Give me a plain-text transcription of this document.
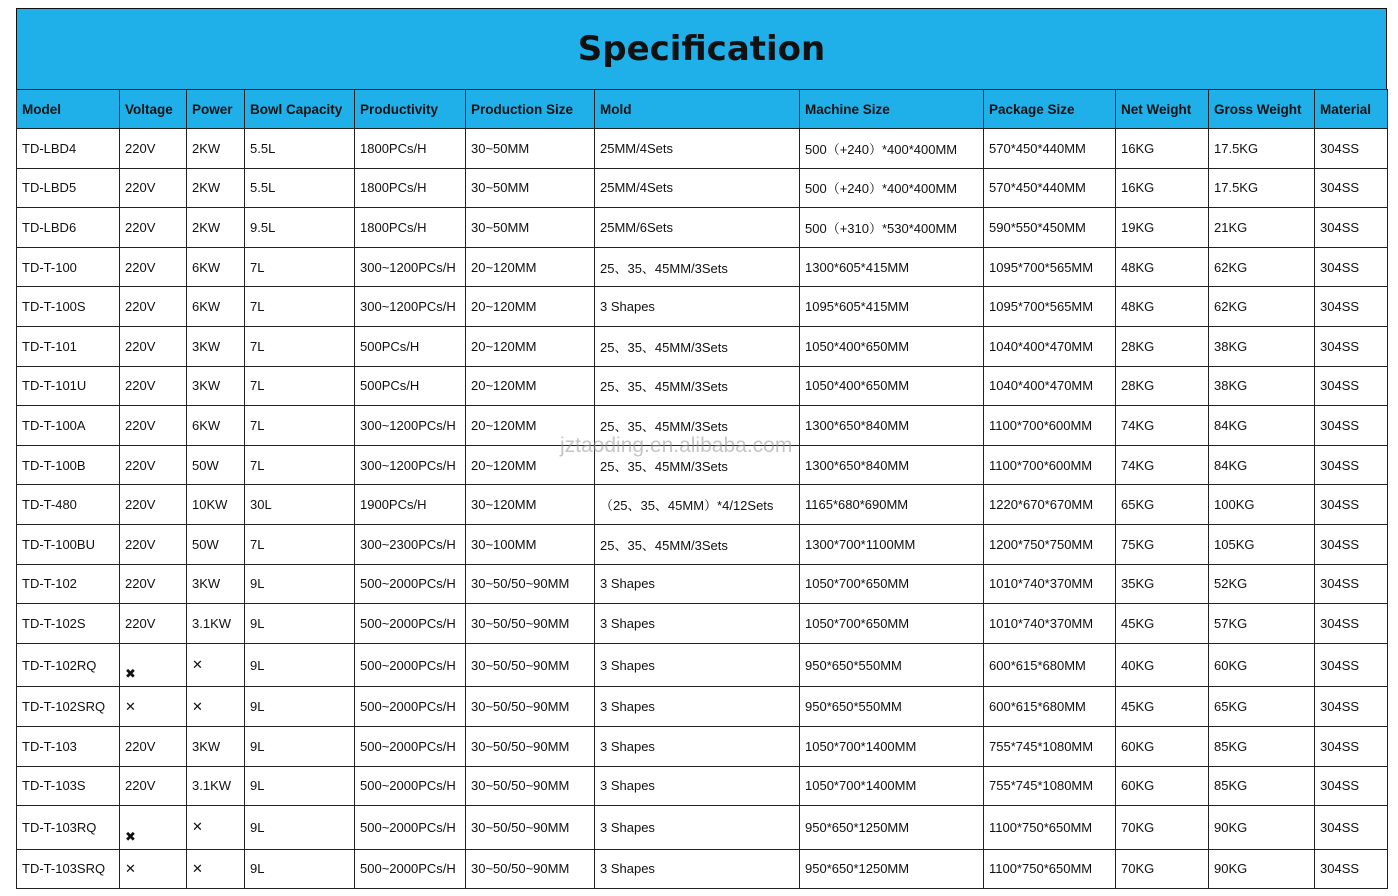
Specification
Model	Voltage	Power	Bowl Capacity	Productivity	Production Size	Mold	Machine Size	Package Size	Net Weight	Gross Weight	Material
TD-LBD4	220V	2KW	5.5L	1800PCs/H	30~50MM	25MM/4Sets	500（+240）*400*400MM	570*450*440MM	16KG	17.5KG	304SS
TD-LBD5	220V	2KW	5.5L	1800PCs/H	30~50MM	25MM/4Sets	500（+240）*400*400MM	570*450*440MM	16KG	17.5KG	304SS
TD-LBD6	220V	2KW	9.5L	1800PCs/H	30~50MM	25MM/6Sets	500（+310）*530*400MM	590*550*450MM	19KG	21KG	304SS
TD-T-100	220V	6KW	7L	300~1200PCs/H	20~120MM	25、35、45MM/3Sets	1300*605*415MM	1095*700*565MM	48KG	62KG	304SS
TD-T-100S	220V	6KW	7L	300~1200PCs/H	20~120MM	3 Shapes	1095*605*415MM	1095*700*565MM	48KG	62KG	304SS
TD-T-101	220V	3KW	7L	500PCs/H	20~120MM	25、35、45MM/3Sets	1050*400*650MM	1040*400*470MM	28KG	38KG	304SS
TD-T-101U	220V	3KW	7L	500PCs/H	20~120MM	25、35、45MM/3Sets	1050*400*650MM	1040*400*470MM	28KG	38KG	304SS
TD-T-100A	220V	6KW	7L	300~1200PCs/H	20~120MM	25、35、45MM/3Sets	1300*650*840MM	1100*700*600MM	74KG	84KG	304SS
TD-T-100B	220V	50W	7L	300~1200PCs/H	20~120MM	25、35、45MM/3Sets	1300*650*840MM	1100*700*600MM	74KG	84KG	304SS
TD-T-480	220V	10KW	30L	1900PCs/H	30~120MM	（25、35、45MM）*4/12Sets	1165*680*690MM	1220*670*670MM	65KG	100KG	304SS
TD-T-100BU	220V	50W	7L	300~2300PCs/H	30~100MM	25、35、45MM/3Sets	1300*700*1100MM	1200*750*750MM	75KG	105KG	304SS
TD-T-102	220V	3KW	9L	500~2000PCs/H	30~50/50~90MM	3 Shapes	1050*700*650MM	1010*740*370MM	35KG	52KG	304SS
TD-T-102S	220V	3.1KW	9L	500~2000PCs/H	30~50/50~90MM	3 Shapes	1050*700*650MM	1010*740*370MM	45KG	57KG	304SS
TD-T-102RQ	✖	✕	9L	500~2000PCs/H	30~50/50~90MM	3 Shapes	950*650*550MM	600*615*680MM	40KG	60KG	304SS
TD-T-102SRQ	✕	✕	9L	500~2000PCs/H	30~50/50~90MM	3 Shapes	950*650*550MM	600*615*680MM	45KG	65KG	304SS
TD-T-103	220V	3KW	9L	500~2000PCs/H	30~50/50~90MM	3 Shapes	1050*700*1400MM	755*745*1080MM	60KG	85KG	304SS
TD-T-103S	220V	3.1KW	9L	500~2000PCs/H	30~50/50~90MM	3 Shapes	1050*700*1400MM	755*745*1080MM	60KG	85KG	304SS
TD-T-103RQ	✖	✕	9L	500~2000PCs/H	30~50/50~90MM	3 Shapes	950*650*1250MM	1100*750*650MM	70KG	90KG	304SS
TD-T-103SRQ	✕	✕	9L	500~2000PCs/H	30~50/50~90MM	3 Shapes	950*650*1250MM	1100*750*650MM	70KG	90KG	304SS
jztaoding.en.alibaba.com
